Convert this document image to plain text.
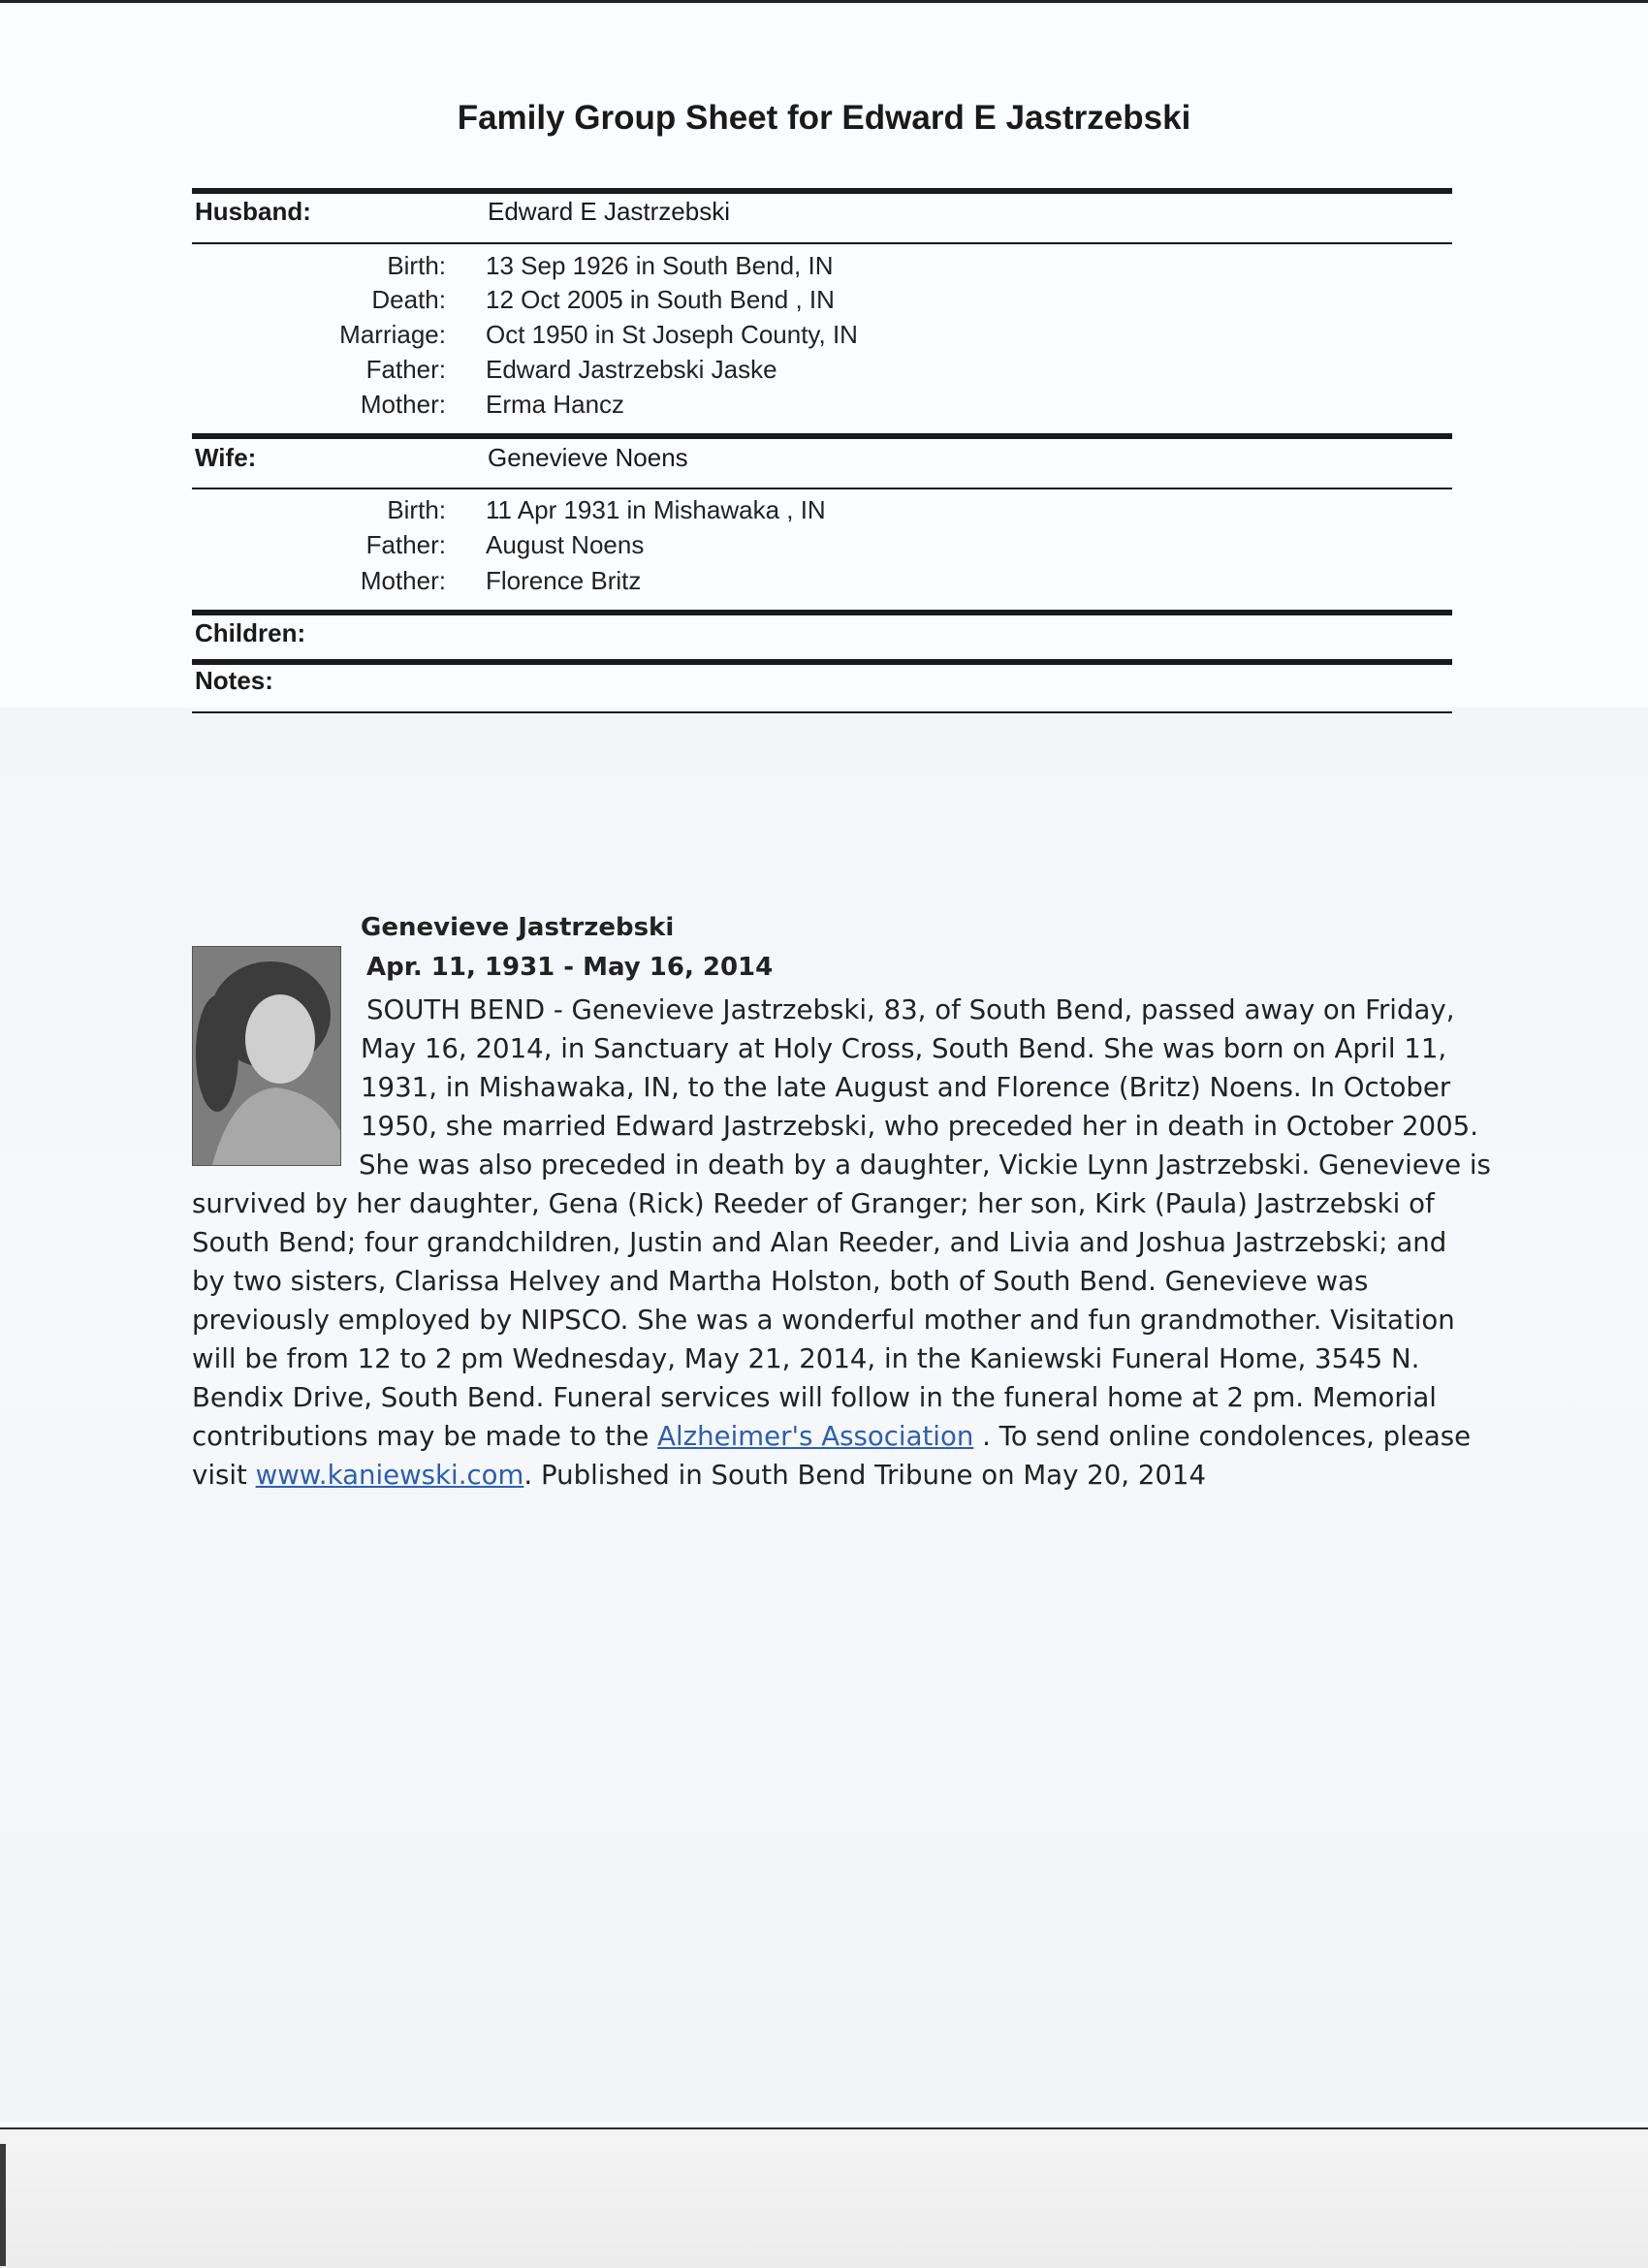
Family Group Sheet for Edward E Jastrzebski
Husband:	Edward E Jastrzebski
Birth: 13 Sep 1926 in South Bend, IN
Death: 12 Oct 2005 in South Bend , IN
Marriage: Oct 1950 in St Joseph County, IN
Father: Edward Jastrzebski Jaske
Mother: Erma Hancz
Wife:	Genevieve Noens
Birth: 11 Apr 1931 in Mishawaka , IN
Father: August Noens
Mother: Florence Britz
Children:
Notes:
Genevieve Jastrzebski
Apr. 11, 1931 - May 16, 2014
SOUTH BEND - Genevieve Jastrzebski, 83, of South Bend, passed away on Friday,
May 16, 2014, in Sanctuary at Holy Cross, South Bend. She was born on April 11,
1931, in Mishawaka, IN, to the late August and Florence (Britz) Noens. In October
1950, she married Edward Jastrzebski, who preceded her in death in October 2005.
She was also preceded in death by a daughter, Vickie Lynn Jastrzebski. Genevieve is
survived by her daughter, Gena (Rick) Reeder of Granger; her son, Kirk (Paula) Jastrzebski of
South Bend; four grandchildren, Justin and Alan Reeder, and Livia and Joshua Jastrzebski; and
by two sisters, Clarissa Helvey and Martha Holston, both of South Bend. Genevieve was
previously employed by NIPSCO. She was a wonderful mother and fun grandmother. Visitation
will be from 12 to 2 pm Wednesday, May 21, 2014, in the Kaniewski Funeral Home, 3545 N.
Bendix Drive, South Bend. Funeral services will follow in the funeral home at 2 pm. Memorial
contributions may be made to the Alzheimer's Association . To send online condolences, please
visit www.kaniewski.com. Published in South Bend Tribune on May 20, 2014
